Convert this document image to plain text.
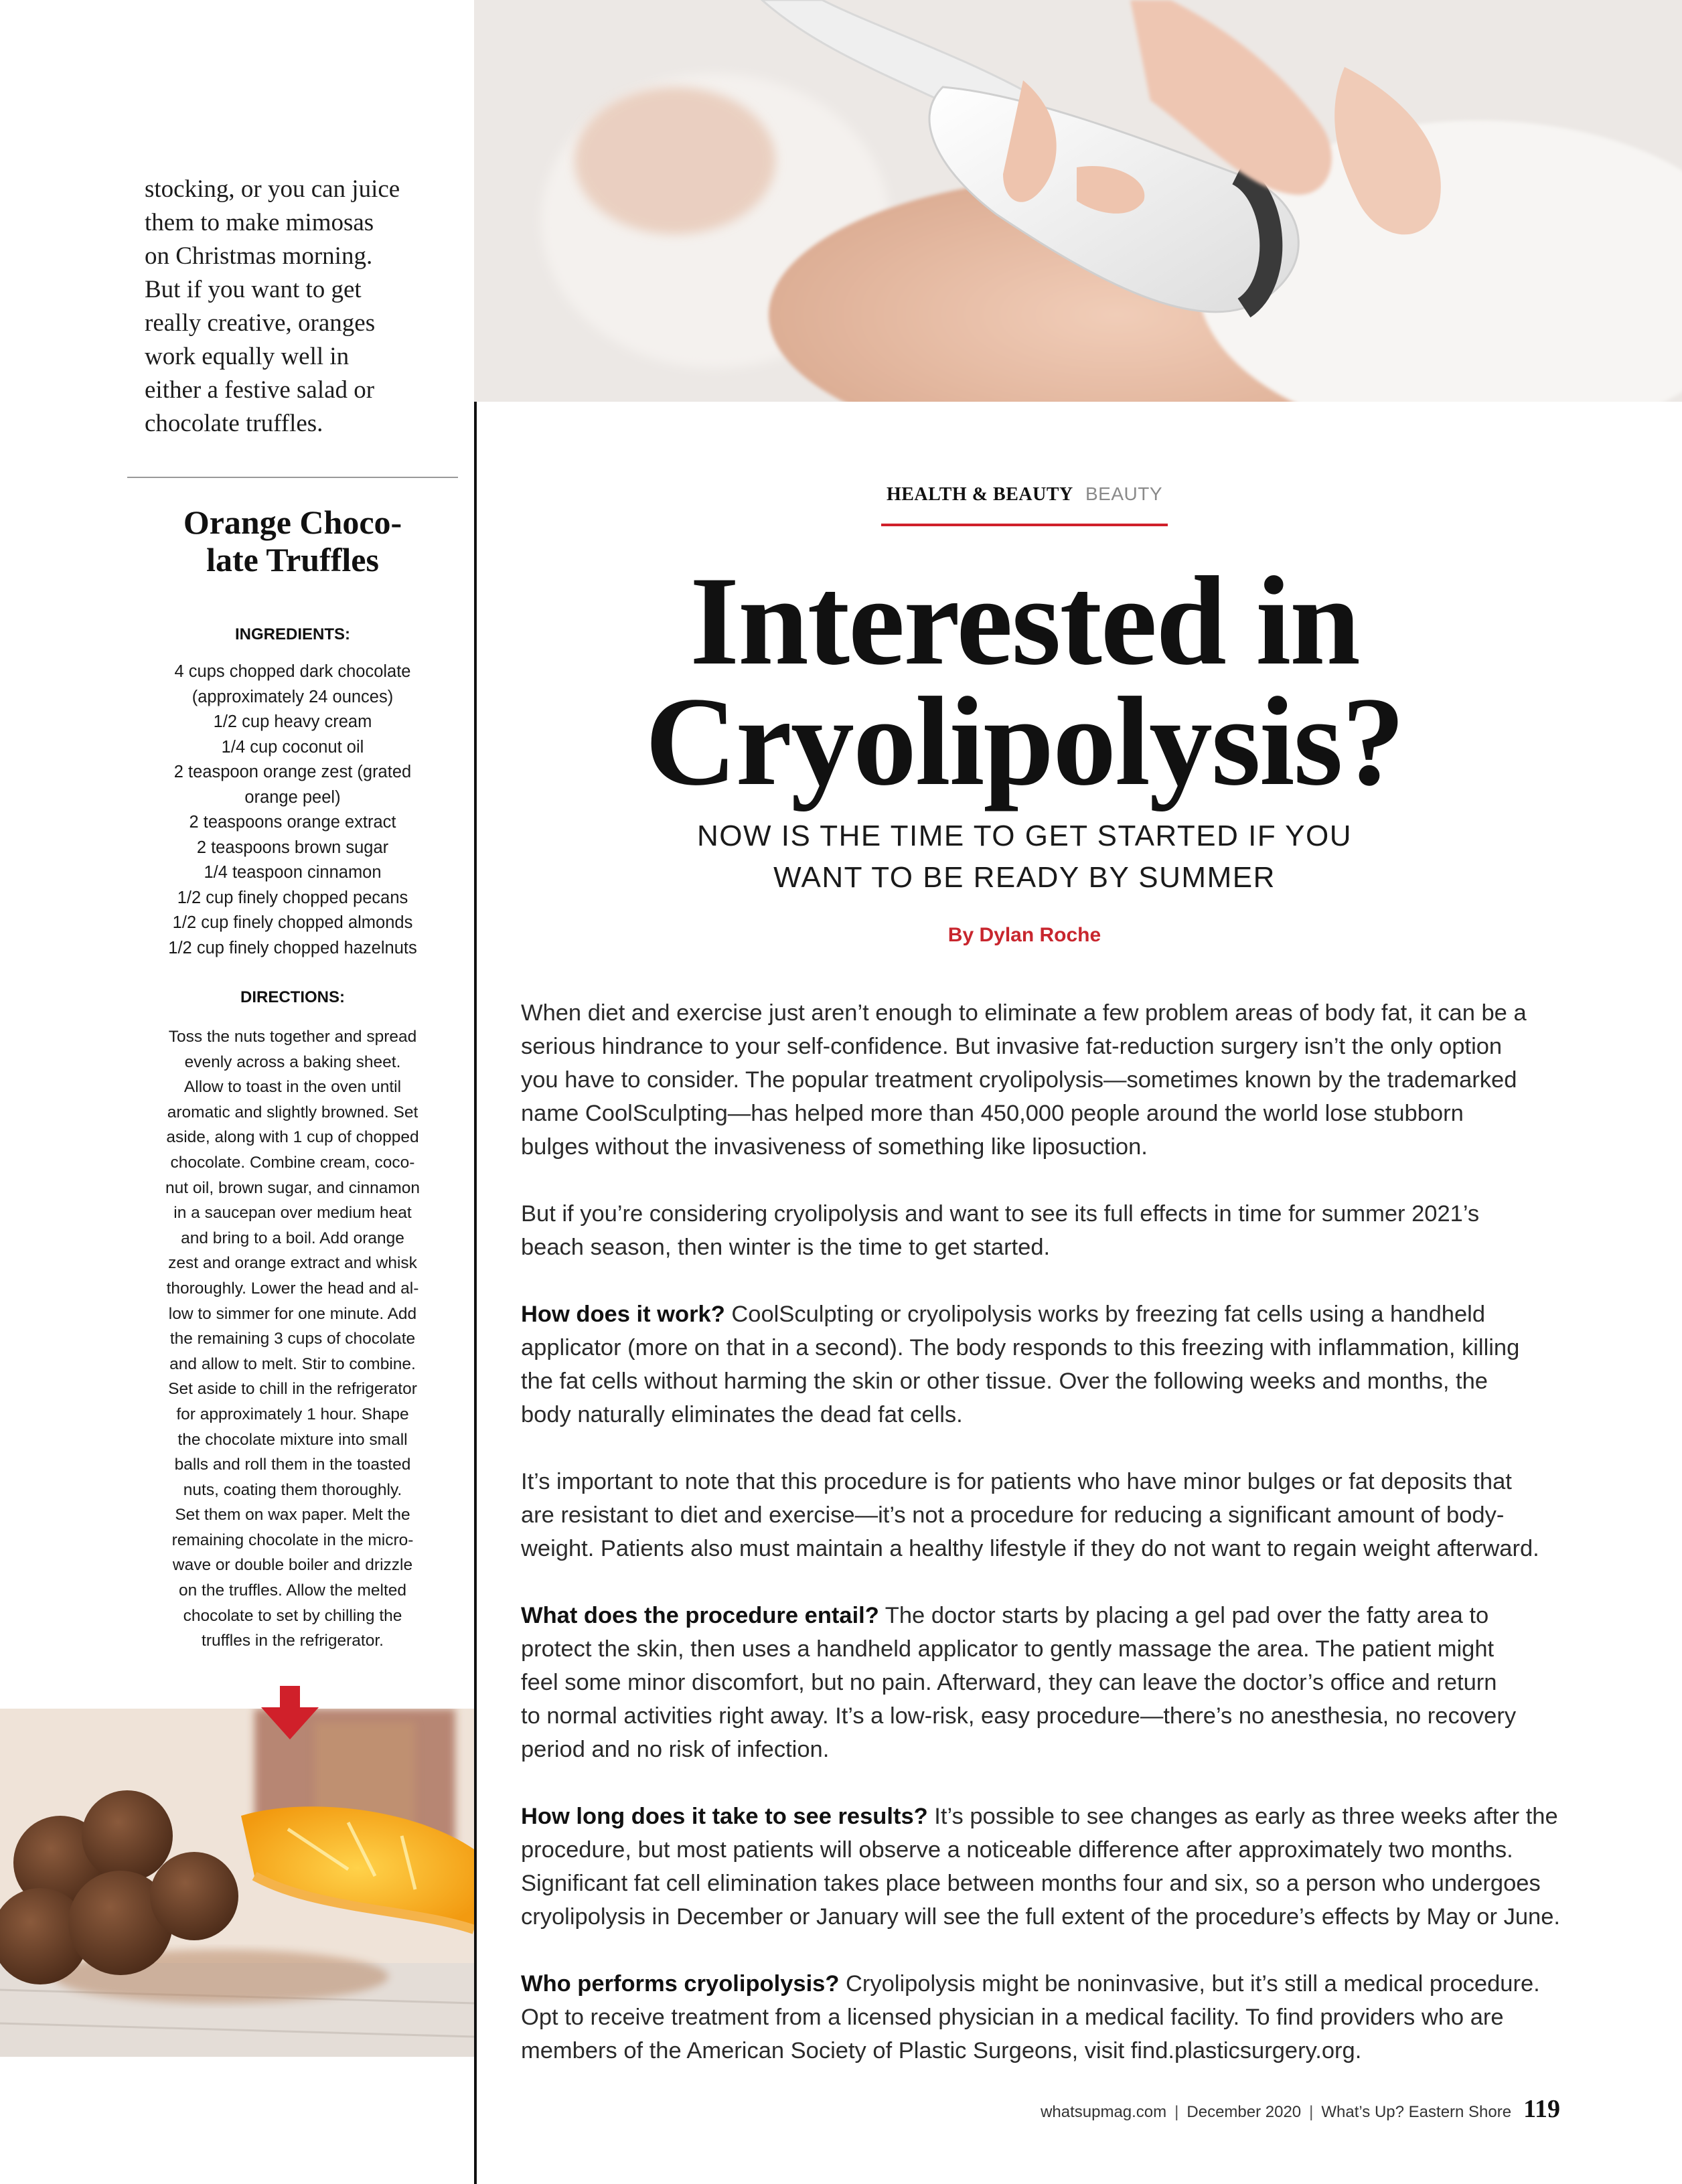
stocking, or you can juice
them to make mimosas
on Christmas morning.
But if you want to get
really creative, oranges
work equally well in
either a festive salad or
chocolate truffles.
Orange Choco-
late Truffles
INGREDIENTS:
4 cups chopped dark chocolate
(approximately 24 ounces)
1/2 cup heavy cream
1/4 cup coconut oil
2 teaspoon orange zest (grated
orange peel)
2 teaspoons orange extract
2 teaspoons brown sugar
1/4 teaspoon cinnamon
1/2 cup finely chopped pecans
1/2 cup finely chopped almonds
1/2 cup finely chopped hazelnuts
DIRECTIONS:
Toss the nuts together and spread
evenly across a baking sheet.
Allow to toast in the oven until
aromatic and slightly browned. Set
aside, along with 1 cup of chopped
chocolate. Combine cream, coco-
nut oil, brown sugar, and cinnamon
in a saucepan over medium heat
and bring to a boil. Add orange
zest and orange extract and whisk
thoroughly. Lower the head and al-
low to simmer for one minute. Add
the remaining 3 cups of chocolate
and allow to melt. Stir to combine.
Set aside to chill in the refrigerator
for approximately 1 hour. Shape
the chocolate mixture into small
balls and roll them in the toasted
nuts, coating them thoroughly.
Set them on wax paper. Melt the
remaining chocolate in the micro-
wave or double boiler and drizzle
on the truffles. Allow the melted
chocolate to set by chilling the
truffles in the refrigerator.
HEALTH & BEAUTY BEAUTY
Interested in
Cryolipolysis?
NOW IS THE TIME TO GET STARTED IF YOU
WANT TO BE READY BY SUMMER
By Dylan Roche
When diet and exercise just aren’t enough to eliminate a few problem areas of body fat, it can be a
serious hindrance to your self-confidence. But invasive fat-reduction surgery isn’t the only option
you have to consider. The popular treatment cryolipolysis—sometimes known by the trademarked
name CoolSculpting—has helped more than 450,000 people around the world lose stubborn
bulges without the invasiveness of something like liposuction.
But if you’re considering cryolipolysis and want to see its full effects in time for summer 2021’s
beach season, then winter is the time to get started.
How does it work? CoolSculpting or cryolipolysis works by freezing fat cells using a handheld
applicator (more on that in a second). The body responds to this freezing with inflammation, killing
the fat cells without harming the skin or other tissue. Over the following weeks and months, the
body naturally eliminates the dead fat cells.
It’s important to note that this procedure is for patients who have minor bulges or fat deposits that
are resistant to diet and exercise—it’s not a procedure for reducing a significant amount of body-
weight. Patients also must maintain a healthy lifestyle if they do not want to regain weight afterward.
What does the procedure entail? The doctor starts by placing a gel pad over the fatty area to
protect the skin, then uses a handheld applicator to gently massage the area. The patient might
feel some minor discomfort, but no pain. Afterward, they can leave the doctor’s office and return
to normal activities right away. It’s a low-risk, easy procedure—there’s no anesthesia, no recovery
period and no risk of infection.
How long does it take to see results? It’s possible to see changes as early as three weeks after the
procedure, but most patients will observe a noticeable difference after approximately two months.
Significant fat cell elimination takes place between months four and six, so a person who undergoes
cryolipolysis in December or January will see the full extent of the procedure’s effects by May or June.
Who performs cryolipolysis? Cryolipolysis might be noninvasive, but it’s still a medical procedure.
Opt to receive treatment from a licensed physician in a medical facility. To find providers who are
members of the American Society of Plastic Surgeons, visit find.plasticsurgery.org.
whatsupmag.com | December 2020 | What’s Up? Eastern Shore 119
